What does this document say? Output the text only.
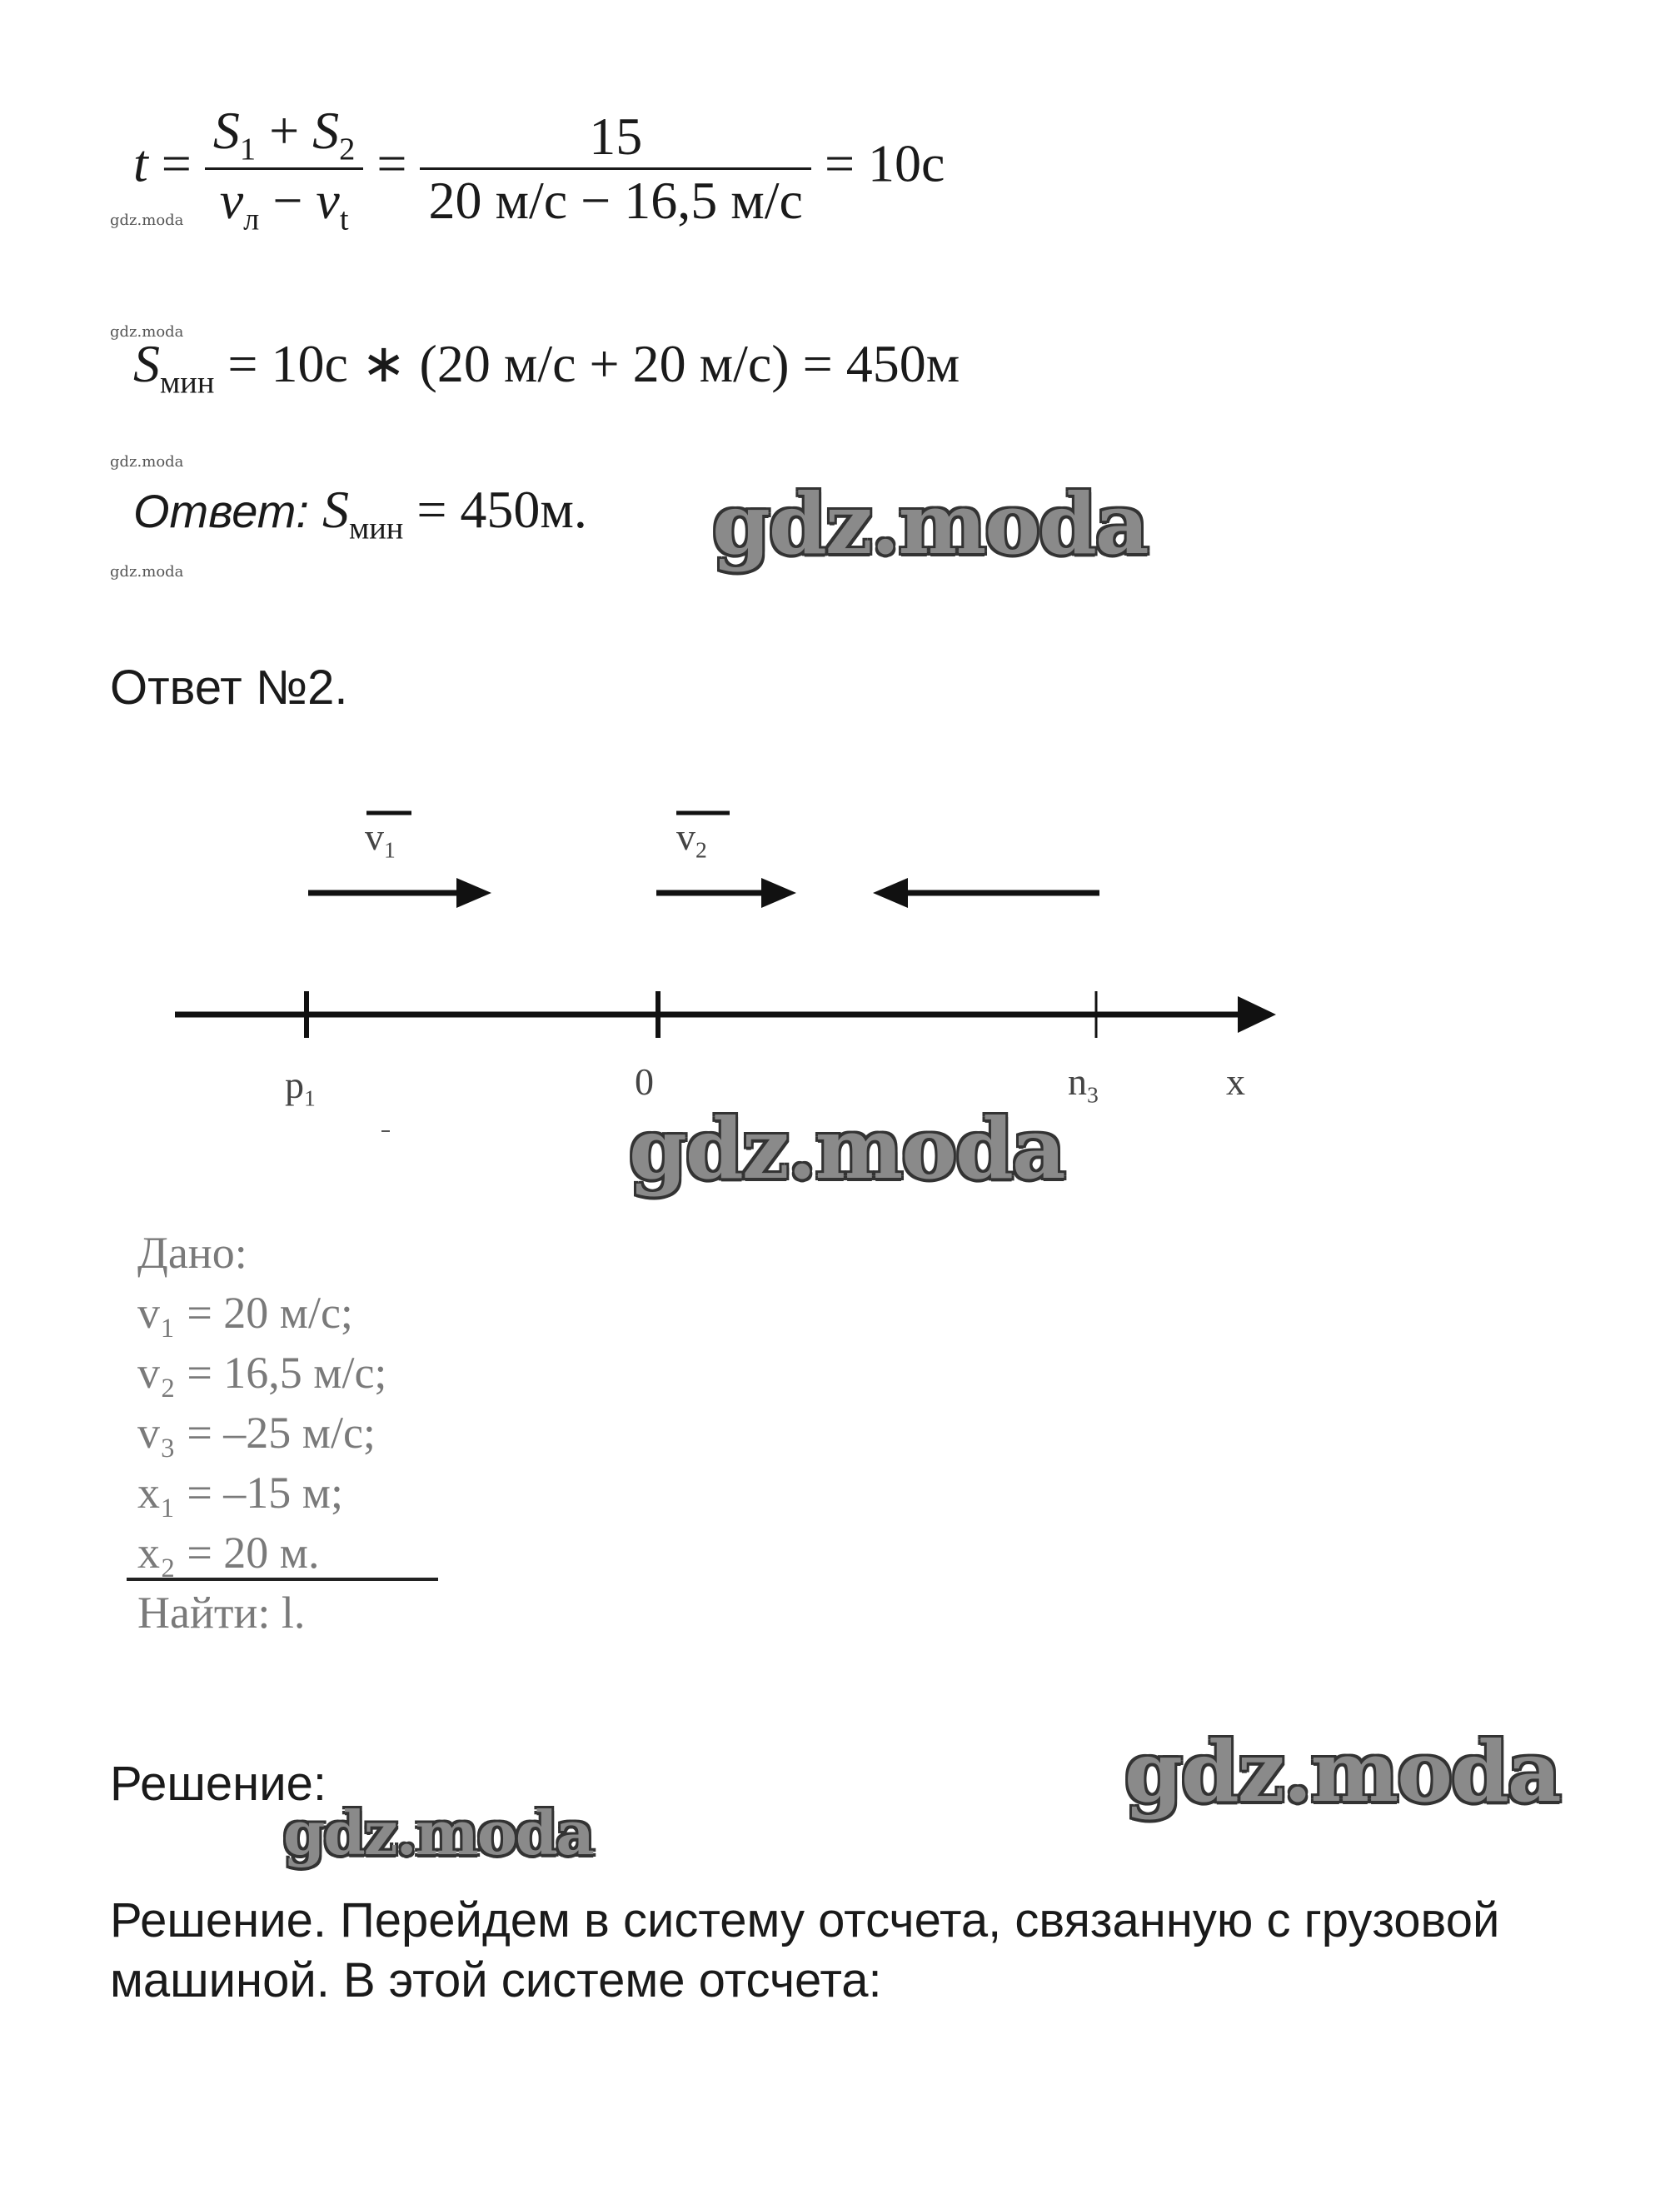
$t = \frac{S_1 + S_2}{v_л - v_t} = \frac{15}{20 м/с - 16,5 м/с} = 10с$
gdz.moda
gdz.moda
$S_{мин} = 10с$ ∗ (20 м/с + 20 м/с) = 450м
gdz.moda
Ответ: $S_{мин} = 450м$. gdz.moda
gdz.moda
Ответ №2.
$v_1$	$v_2$
$p_1$	0	$n_3$	x
gdz.moda
Дано:
v₁ = 20 м/с;
v₂ = 16,5 м/с;
v₃ = –25 м/с;
x₁ = –15 м;
x₂ = 20 м.
Найти: l.
Решение:	gdz.moda
gdz.moda
Решение. Перейдем в систему отсчета, связанную с грузовой машиной. В этой системе отсчета:
